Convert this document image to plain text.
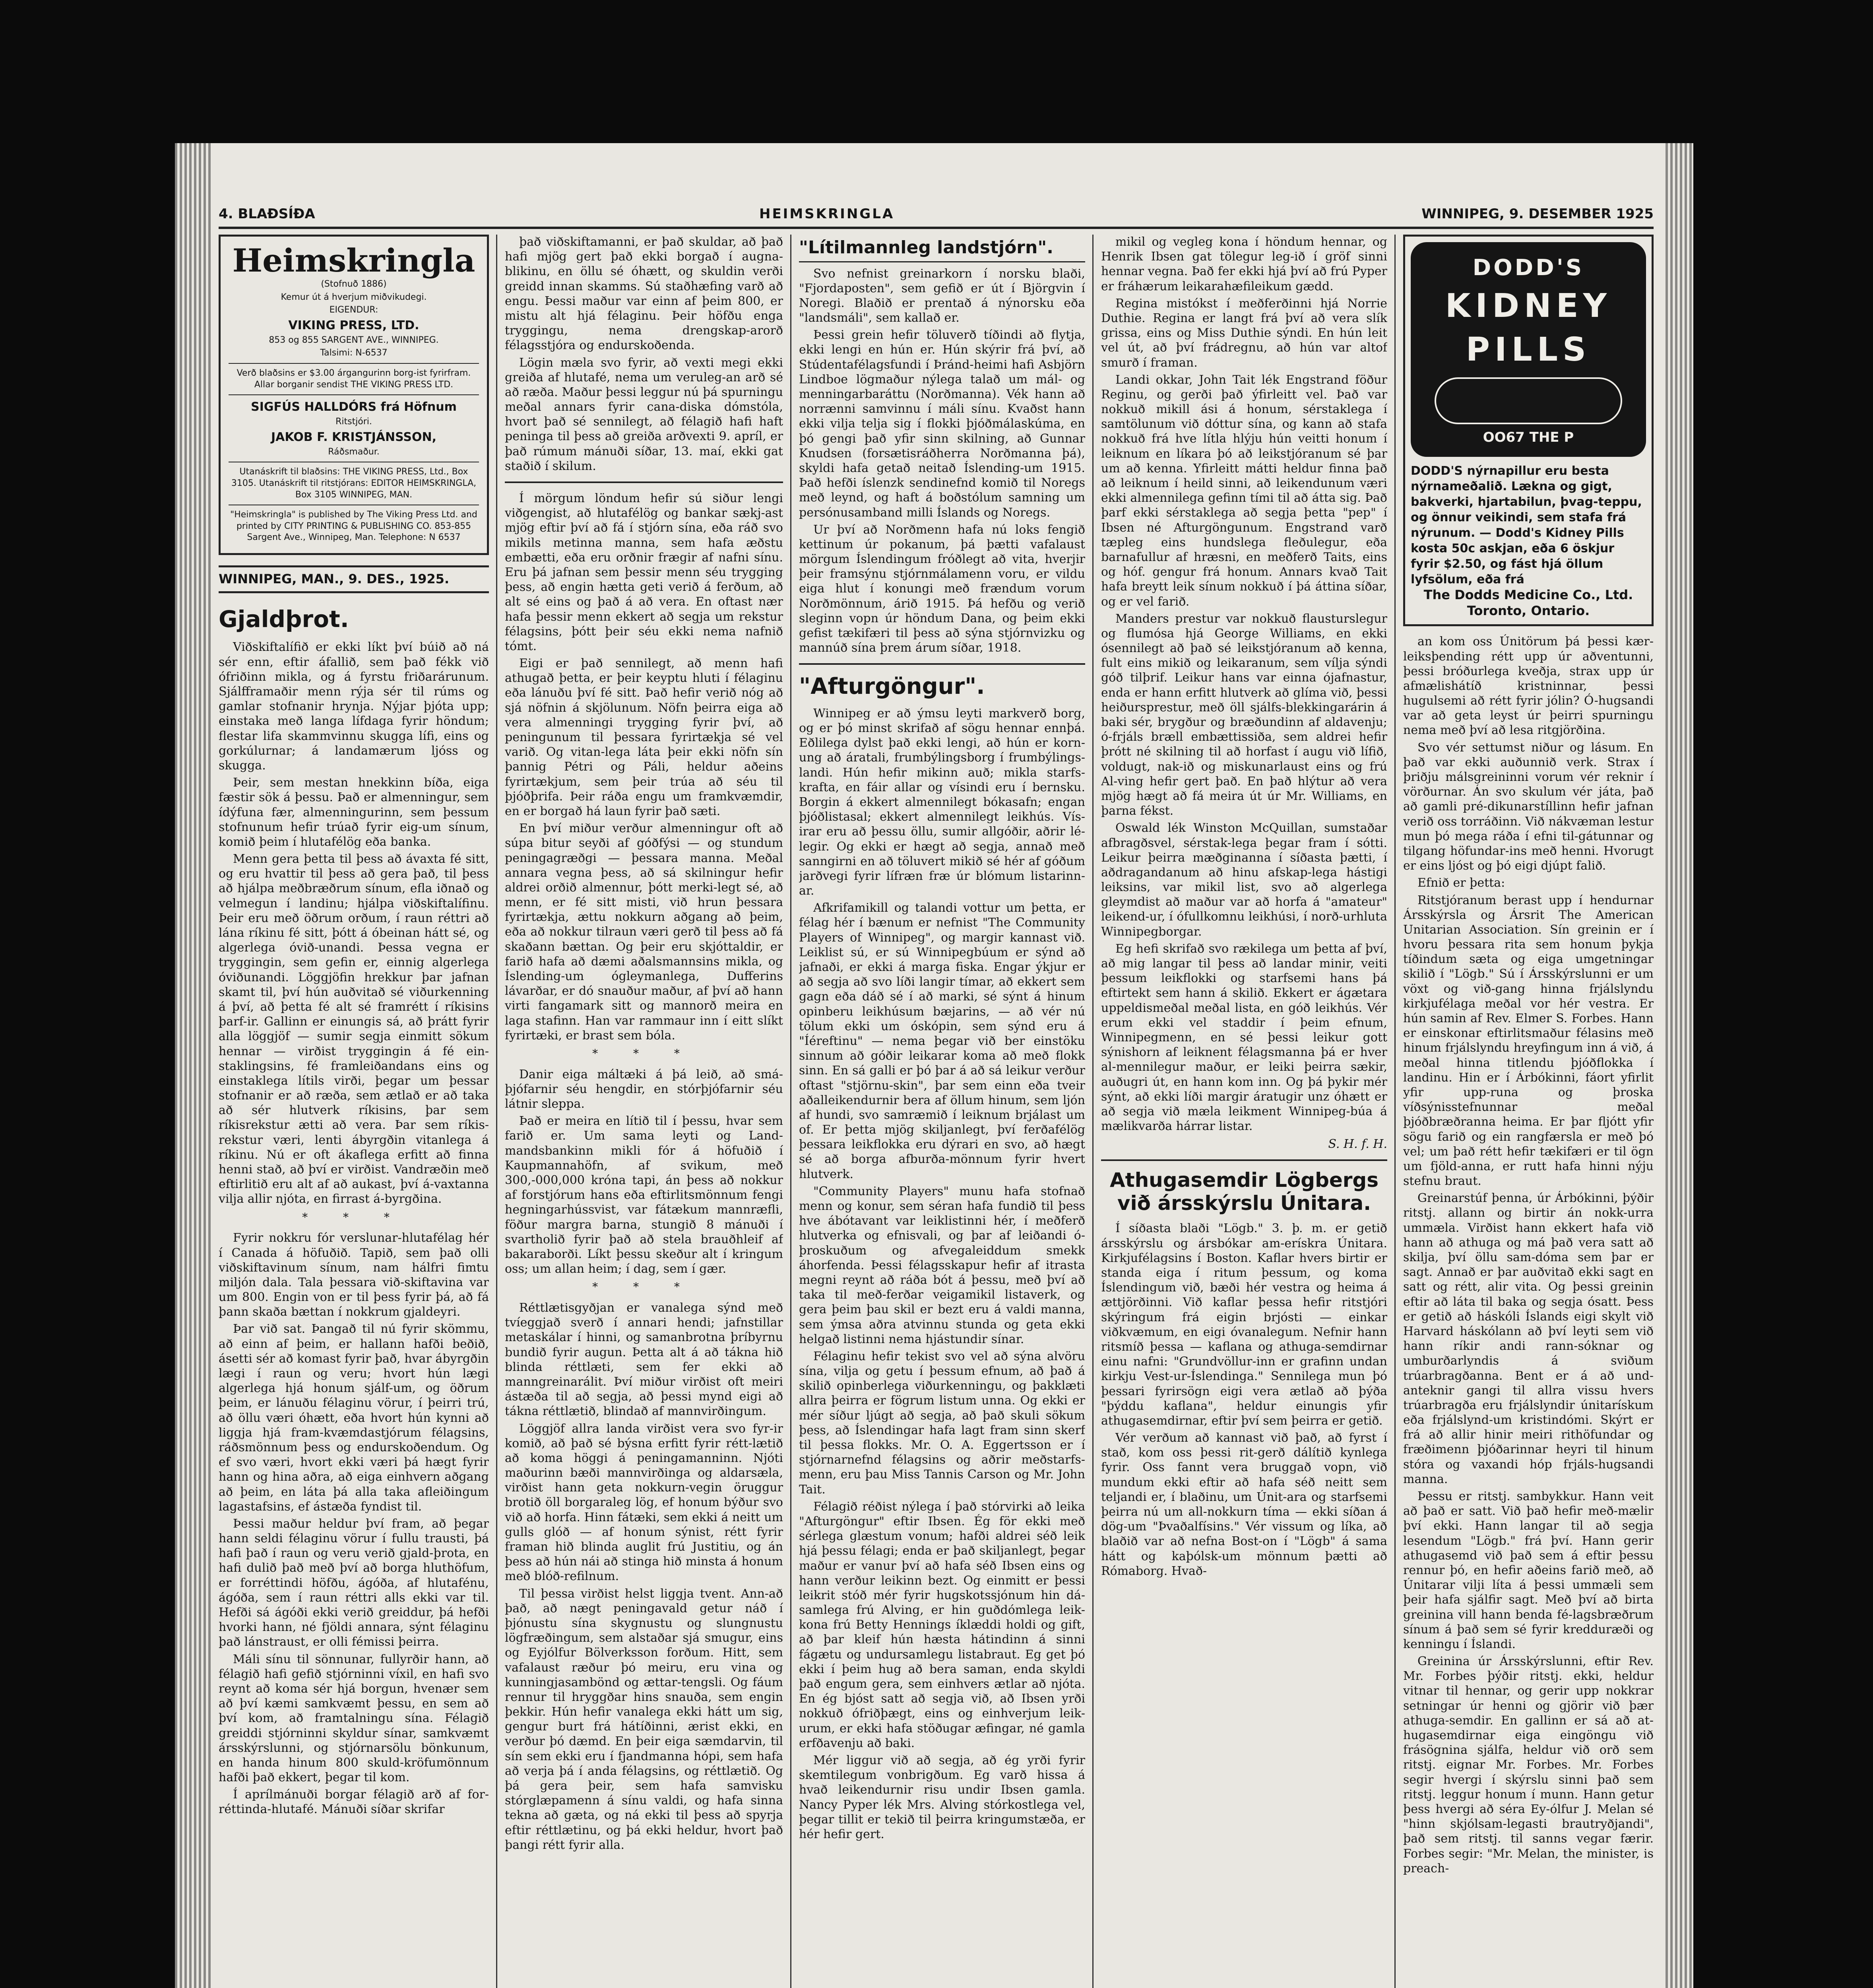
4. BLAÐSÍÐA	HEIMSKRINGLA	WINNIPEG, 9. DESEMBER 1925
Heimskringla
(Stofnuð 1886)
Kemur út á hverjum miðvikudegi.
EIGENDUR:
VIKING PRESS, LTD.
853 og 855 SARGENT AVE., WINNIPEG.
Talsimi: N-6537
Verð blaðsins er $3.00 árgangurinn borg-ist fyrirfram. Allar borganir sendist THE VIKING PRESS LTD.
SIGFÚS HALLDÓRS frá Höfnum
Ritstjóri.
JAKOB F. KRISTJÁNSSON,
Ráðsmaður.
Utanáskrift til blaðsins: THE VIKING PRESS, Ltd., Box 3105. Utanáskrift til ritstjórans: EDITOR HEIMSKRINGLA, Box 3105 WINNIPEG, MAN.
"Heimskringla" is published by The Viking Press Ltd. and printed by CITY PRINTING & PUBLISHING CO. 853-855 Sargent Ave., Winnipeg, Man. Telephone: N 6537
WINNIPEG, MAN., 9. DES., 1925.
Gjaldþrot.

Viðskiftalífið er ekki líkt því búið að ná sér enn, eftir áfallið, sem það fékk við ófriðinn mikla, og á fyrstu friðarárunum. Sjálfframaðir menn rýja sér til rúms og gamlar stofnanir hrynja. Nýjar þjóta upp; einstaka með langa lífdaga fyrir höndum; flestar lifa skammvinnu skugga lífi, eins og gorkúlurnar; á landamærum ljóss og skugga.

Þeir, sem mestan hnekkinn bíða, eiga fæstir sök á þessu. Það er almenningur, sem ídýfuna fær, almenningurinn, sem þessum stofnunum hefir trúað fyrir eig-um sínum, komið þeim í hlutafélög eða banka.

Menn gera þetta til þess að ávaxta fé sitt, og eru hvattir til þess að gera það, til þess að hjálpa meðbræðrum sínum, efla iðnað og velmegun í landinu; hjálpa viðskiftalífinu. Þeir eru með öðrum orðum, í raun réttri að lána ríkinu fé sitt, þótt á óbeinan hátt sé, og algerlega óvið-unandi. Þessa vegna er tryggingin, sem gefin er, einnig algerlega óviðunandi. Löggjöfin hrekkur þar jafnan skamt til, því hún auðvitað sé viðurkenning á því, að þetta fé alt sé framrétt í ríkisins þarf-ir. Gallinn er einungis sá, að þrátt fyrir alla löggjöf — sumir segja einmitt sökum hennar — virðist tryggingin á fé ein-staklingsins, fé framleiðandans eins og einstaklega lítils virði, þegar um þessar stofnanir er að ræða, sem ætlað er að taka að sér hlutverk ríkisins, þar sem ríkisrekstur ætti að vera. Þar sem ríkis-rekstur væri, lenti ábyrgðin vitanlega á ríkinu. Nú er oft ákaflega erfitt að finna henni stað, að því er virðist. Vandræðin með eftirlitið eru alt af að aukast, því á-vaxtanna vilja allir njóta, en firrast á-byrgðina.

* * *

Fyrir nokkru fór verslunar-hlutafélag hér í Canada á höfuðið. Tapið, sem það olli viðskiftavinum sínum, nam hálfri fimtu miljón dala. Tala þessara við-skiftavina var um 800. Engin von er til þess fyrir þá, að fá þann skaða bættan í nokkrum gjaldeyri.

Þar við sat. Þangað til nú fyrir skömmu, að einn af þeim, er hallann hafði beðið, ásetti sér að komast fyrir það, hvar ábyrgðin lægi í raun og veru; hvort hún lægi algerlega hjá honum sjálf-um, og öðrum þeim, er lánuðu félaginu vörur, í þeirri trú, að öllu væri óhætt, eða hvort hún kynni að liggja hjá fram-kvæmdastjórum félagsins, ráðsmönnum þess og endurskoðendum. Og ef svo væri, hvort ekki væri þá hægt fyrir hann og hina aðra, að eiga einhvern aðgang að þeim, en láta þá alla taka afleiðingum lagastafsins, ef ástæða fyndist til.

Þessi maður heldur því fram, að þegar hann seldi félaginu vörur í fullu trausti, þá hafi það í raun og veru verið gjald-þrota, en hafi dulið það með því að borga hluthöfum, er forréttindi höfðu, ágóða, af hlutafénu, ágóða, sem í raun réttri alls ekki var til. Hefði sá ágóði ekki verið greiddur, þá hefði hvorki hann, né fjöldi annara, sýnt félaginu það lánstraust, er olli fémissi þeirra.

Máli sínu til sönnunar, fullyrðir hann, að félagið hafi gefið stjórninni víxil, en hafi svo reynt að koma sér hjá borgun, hvenær sem að því kæmi samkvæmt þessu, en sem að því kom, að framtalningu sína. Félagið greiddi stjórninni skyldur sínar, samkvæmt ársskýrslunni, og stjórnarsölu bönkunum, en handa hinum 800 skuld-kröfumönnum hafði það ekkert, þegar til kom.

Í aprílmánuði borgar félagið arð af for-réttinda-hlutafé. Mánuði síðar skrifar

það viðskiftamanni, er það skuldar, að það hafi mjög gert það ekki borgað í augna-blikinu, en öllu sé óhætt, og skuldin verði greidd innan skamms. Sú staðhæfing varð að engu. Þessi maður var einn af þeim 800, er mistu alt hjá félaginu. Þeir höfðu enga tryggingu, nema drengskap-arorð félagsstjóra og endurskoðenda.

Lögin mæla svo fyrir, að vexti megi ekki greiða af hlutafé, nema um veruleg-an arð sé að ræða. Maður þessi leggur nú þá spurningu meðal annars fyrir cana-diska dómstóla, hvort það sé sennilegt, að félagið hafi haft peninga til þess að greiða arðvexti 9. apríl, er það rúmum mánuði síðar, 13. maí, ekki gat staðið í skilum.

Í mörgum löndum hefir sú siður lengi viðgengist, að hlutafélög og bankar sækj-ast mjög eftir því að fá í stjórn sína, eða ráð svo mikils metinna manna, sem hafa æðstu embætti, eða eru orðnir frægir af nafni sínu. Eru þá jafnan sem þessir menn séu trygging þess, að engin hætta geti verið á ferðum, að alt sé eins og það á að vera. En oftast nær hafa þessir menn ekkert að segja um rekstur félagsins, þótt þeir séu ekki nema nafnið tómt.

Eigi er það sennilegt, að menn hafi athugað þetta, er þeir keyptu hluti í félaginu eða lánuðu því fé sitt. Það hefir verið nóg að sjá nöfnin á skjölunum. Nöfn þeirra eiga að vera almenningi trygging fyrir því, að peningunum til þessara fyrirtækja sé vel varið. Og vitan-lega láta þeir ekki nöfn sín þannig Pétri og Páli, heldur aðeins fyrirtækjum, sem þeir trúa að séu til þjóðþrifa. Þeir ráða engu um framkvæmdir, en er borgað há laun fyrir það sæti.

En því miður verður almenningur oft að súpa bitur seyði af góðfýsi — og stundum peningagræðgi — þessara manna. Meðal annara vegna þess, að sá skilningur hefir aldrei orðið almennur, þótt merki-legt sé, að menn, er fé sitt misti, við hrun þessara fyrirtækja, ættu nokkurn aðgang að þeim, eða að nokkur tilraun væri gerð til þess að fá skaðann bættan. Og þeir eru skjóttaldir, er farið hafa að dæmi aðalsmannsins mikla, og Íslending-um ógleymanlega, Dufferins lávarðar, er dó snauður maður, af því að hann virti fangamark sitt og mannorð meira en laga stafinn. Han var rammaur inn í eitt slíkt fyrirtæki, er brast sem bóla.

* * *

Danir eiga máltæki á þá leið, að smá-þjófarnir séu hengdir, en stórþjófarnir séu látnir sleppa.

Það er meira en lítið til í þessu, hvar sem farið er. Um sama leyti og Land-mandsbankinn mikli fór á höfuðið í Kaupmannahöfn, af svikum, með 300,-000,000 króna tapi, án þess að nokkur af forstjórum hans eða eftirlitsmönnum fengi hegningarhússvist, var fátækum mannræfli, föður margra barna, stungið 8 mánuði í svartholið fyrir það að stela brauðhleif af bakaraborði. Líkt þessu skeður alt í kringum oss; um allan heim; í dag, sem í gær.

* * *

Réttlætisgyðjan er vanalega sýnd með tvíeggjað sverð í annari hendi; jafnstillar metaskálar í hinni, og samanbrotna þríbyrnu bundið fyrir augun. Þetta alt á að tákna hið blinda réttlæti, sem fer ekki að manngreinarálit. Því miður virðist oft meiri ástæða til að segja, að þessi mynd eigi að tákna réttlætið, blindað af mannvirðingum.

Löggjöf allra landa virðist vera svo fyr-ir komið, að það sé býsna erfitt fyrir rétt-lætið að koma höggi á peningamanninn. Njóti maðurinn bæði mannvirðinga og aldarsæla, virðist hann geta nokkurn-vegin öruggur brotið öll borgaraleg lög, ef honum býður svo við að horfa. Hinn fátæki, sem ekki á neitt um gulls glóð — af honum sýnist, rétt fyrir framan hið blinda auglit frú Justitiu, og án þess að hún nái að stinga hið minsta á honum með blóð-refilnum.

Til þessa virðist helst liggja tvent. Ann-að það, að nægt peningavald getur náð í þjónustu sína skygnustu og slungnustu lögfræðingum, sem alstaðar sjá smugur, eins og Eyjólfur Bölverksson forðum. Hitt, sem vafalaust ræður þó meiru, eru vina og kunningjasambönd og ættar-tengsli. Og fáum rennur til hryggðar hins snauða, sem engin þekkir. Hún hefir vanalega ekki hátt um sig, gengur burt frá hátíðinni, ærist ekki, en verður þó dæmd. En þeir eiga sæmdarvin, til sín sem ekki eru í fjandmanna hópi, sem hafa að verja þá í anda félagsins, og réttlætið. Og þá gera þeir, sem hafa samvisku stórglæpamenn á sínu valdi, og hafa sinna tekna að gæta, og ná ekki til þess að spyrja eftir réttlætinu, og þá ekki heldur, hvort það þangi rétt fyrir alla.

"Lítilmannleg landstjórn".

Svo nefnist greinarkorn í norsku blaði, "Fjordaposten", sem gefið er út í Björgvin í Noregi. Blaðið er prentað á nýnorsku eða "landsmáli", sem kallað er.

Þessi grein hefir töluverð tíðindi að flytja, ekki lengi en hún er. Hún skýrir frá því, að Stúdentafélagsfundi í Þránd-heimi hafi Asbjörn Lindboe lögmaður nýlega talað um mál- og menningarbaráttu (Norðmanna). Vék hann að norrænni samvinnu í máli sínu. Kvaðst hann ekki vilja telja sig í flokki þjóðmálaskúma, en þó gengi það yfir sinn skilning, að Gunnar Knudsen (forsætisráðherra Norðmanna þá), skyldi hafa getað neitað Íslending-um 1915. Það hefði íslenzk sendinefnd komið til Noregs með leynd, og haft á boðstólum samning um persónusamband milli Íslands og Noregs.

Ur því að Norðmenn hafa nú loks fengið kettinum úr pokanum, þá þætti vafalaust mörgum Íslendingum fróðlegt að vita, hverjir þeir framsýnu stjórnmálamenn voru, er vildu eiga hlut í konungi með frændum vorum Norðmönnum, árið 1915. Þá hefðu og verið sleginn vopn úr höndum Dana, og þeim ekki gefist tækifæri til þess að sýna stjórnvizku og mannúð sína þrem árum síðar, 1918.

"Afturgöngur".

Winnipeg er að ýmsu leyti markverð borg, og er þó minst skrifað af sögu hennar ennþá. Eðlilega dylst það ekki lengi, að hún er korn-ung að áratali, frumbýlingsborg í frumbýlings-landi. Hún hefir mikinn auð; mikla starfs-krafta, en fáir allar og vísindi eru í bernsku. Borgin á ekkert almennilegt bókasafn; engan þjóðlistasal; ekkert almennilegt leikhús. Vís-irar eru að þessu öllu, sumir allgóðir, aðrir lé-legir. Og ekki er hægt að segja, annað með sanngirni en að töluvert mikið sé hér af góðum jarðvegi fyrir lífræn fræ úr blómum listarinn-ar.

Afkrifamikill og talandi vottur um þetta, er félag hér í bænum er nefnist "The Community Players of Winnipeg", og margir kannast við. Leiklist sú, er sú Winnipegbúum er sýnd að jafnaði, er ekki á marga fiska. Engar ýkjur er að segja að svo líði langir tímar, að ekkert sem gagn eða dáð sé í að marki, sé sýnt á hinum opinberu leikhúsum bæjarins, — að vér nú tölum ekki um óskópin, sem sýnd eru á "Íéreftinu" — nema þegar við ber einstöku sinnum að góðir leikarar koma að með flokk sinn. En sá galli er þó þar á að sá leikur verður oftast "stjörnu-skin", þar sem einn eða tveir aðalleikendurnir bera af öllum hinum, sem ljón af hundi, svo samræmið í leiknum brjálast um of. Er þetta mjög skiljanlegt, því ferðafélög þessara leikflokka eru dýrari en svo, að hægt sé að borga afburða-mönnum fyrir hvert hlutverk.

"Community Players" munu hafa stofnað menn og konur, sem séran hafa fundið til þess hve ábótavant var leiklistinni hér, í meðferð hlutverka og efnisvali, og þar af leiðandi ó-þroskuðum og afvegaleiddum smekk áhorfenda. Þessi félagsskapur hefir af itrasta megni reynt að ráða bót á þessu, með því að taka til með-ferðar veigamikil listaverk, og gera þeim þau skil er bezt eru á valdi manna, sem ýmsa aðra atvinnu stunda og geta ekki helgað listinni nema hjástundir sínar.

Félaginu hefir tekist svo vel að sýna alvöru sína, vilja og getu í þessum efnum, að það á skilið opinberlega viðurkenningu, og þakklæti allra þeirra er fögrum listum unna. Og ekki er mér síður ljúgt að segja, að það skuli sökum þess, að Íslendingar hafa lagt fram sinn skerf til þessa flokks. Mr. O. A. Eggertsson er í stjórnarnefnd félagsins og aðrir meðstarfs-menn, eru þau Miss Tannis Carson og Mr. John Tait.

Félagið réðist nýlega í það stórvirki að leika "Afturgöngur" eftir Ibsen. Ég för ekki með sérlega glæstum vonum; hafði aldrei séð leik hjá þessu félagi; enda er það skiljanlegt, þegar maður er vanur því að hafa séð Ibsen eins og hann verður leikinn bezt. Og einmitt er þessi leikrit stóð mér fyrir hugskotssjónum hin dá-samlega frú Alving, er hin guðdómlega leik-kona frú Betty Hennings íklæddi holdi og gift, að þar kleif hún hæsta hátindinn á sinni fágætu og undursamlegu listabraut. Eg get þó ekki í þeim hug að bera saman, enda skyldi það engum gera, sem einhvers ætlar að njóta. En ég bjóst satt að segja við, að Ibsen yrði nokkuð ófriðþægt, eins og einhverjum leik-urum, er ekki hafa stöðugar æfingar, né gamla erfðavenju að baki.

Mér liggur við að segja, að ég yrði fyrir skemtilegum vonbrigðum. Eg varð hissa á hvað leikendurnir risu undir Ibsen gamla. Nancy Pyper lék Mrs. Alving stórkostlega vel, þegar tillit er tekið til þeirra kringumstæða, er hér hefir gert.

mikil og vegleg kona í höndum hennar, og Henrik Ibsen gat tölegur leg-ið í gröf sinni hennar vegna. Það fer ekki hjá því að frú Pyper er fráhærum leikarahæfileikum gædd.

Regina mistókst í meðferðinni hjá Norrie Duthie. Regina er langt frá því að vera slík grissa, eins og Miss Duthie sýndi. En hún leit vel út, að því frádregnu, að hún var altof smurð í framan.

Landi okkar, John Tait lék Engstrand föður Reginu, og gerði það ýfirleitt vel. Það var nokkuð mikill ási á honum, sérstaklega í samtölunum við dóttur sína, og kann að stafa nokkuð frá hve lítla hlýju hún veitti honum í leiknum en líkara þó að leikstjóranum sé þar um að kenna. Yfirleitt mátti heldur finna það að leiknum í heild sinni, að leikendunum væri ekki almennilega gefinn tími til að átta sig. Það þarf ekki sérstaklega að segja þetta "pep" í Ibsen né Afturgöngunum. Engstrand varð tæpleg eins hundslega fleðulegur, eða barnafullur af hræsni, en meðferð Taits, eins og hóf. gengur frá honum. Annars kvað Tait hafa breytt leik sínum nokkuð í þá áttina síðar, og er vel farið.

Manders prestur var nokkuð flausturslegur og flumósa hjá George Williams, en ekki ósennilegt að það sé leikstjóranum að kenna, fult eins mikið og leikaranum, sem vílja sýndi góð tilþrif. Leikur hans var einna ójafnastur, enda er hann erfitt hlutverk að glíma við, þessi heiðursprestur, með öll sjálfs-blekkingarárin á baki sér, brygður og bræðundinn af aldavenju; ó-frjáls bræll embættissiða, sem aldrei hefir þrótt né skilning til að horfast í augu við lífið, voldugt, nak-ið og miskunarlaust eins og frú Al-ving hefir gert það. En það hlýtur að vera mjög hægt að fá meira út úr Mr. Williams, en þarna fékst.

Oswald lék Winston McQuillan, sumstaðar afbragðsvel, sérstak-lega þegar fram í sótti. Leikur þeirra mæðginanna í síðasta þætti, í aðdragandanum að hinu afskap-lega hástigi leiksins, var mikil list, svo að algerlega gleymdist að maður var að horfa á "amateur" leikend-ur, í ófullkomnu leikhúsi, í norð-urhluta Winnipegborgar.

Eg hefi skrifað svo rækilega um þetta af því, að mig langar til þess að landar minir, veiti þessum leikflokki og starfsemi hans þá eftirtekt sem hann á skilið. Ekkert er ágætara uppeldismeðal meðal lista, en góð leikhús. Vér erum ekki vel staddir í þeim efnum, Winnipegmenn, en sé þessi leikur gott sýnishorn af leiknent félagsmanna þá er hver al-mennilegur maður, er leiki þeirra sækir, auðugri út, en hann kom inn. Og þá þykir mér sýnt, að ekki líði margir áratugir unz óhætt er að segja við mæla leikment Winnipeg-búa á mælikvarða hárrar listar.

S. H. f. H.
Athugasemdir Lögbergs við ársskýrslu Únitara.

Í síðasta blaði "Lögb." 3. þ. m. er getið ársskýrslu og ársbókar am-erískra Únitara. Kirkjufélagsins í Boston. Kaflar hvers birtir er standa eiga í ritum þessum, og koma Íslendingum við, bæði hér vestra og heima á ættjörðinni. Við kaflar þessa hefir ritstjóri skýringum frá eigin brjósti — einkar viðkvæmum, en eigi óvanalegum. Nefnir hann ritsmíð þessa — kaflana og athuga-semdirnar einu nafni: "Grundvöllur-inn er grafinn undan kirkju Vest-ur-Íslendinga." Sennilega mun þó þessari fyrirsögn eigi vera ætlað að þýða "þýddu kaflana", heldur einungis yfir athugasemdirnar, eftir því sem þeirra er getið.

Vér verðum að kannast við það, að fyrst í stað, kom oss þessi rit-gerð dálítið kynlega fyrir. Oss fannt vera bruggað vopn, við mundum ekki eftir að hafa séð neitt sem teljandi er, í blaðinu, um Únit-ara og starfsemi þeirra nú um all-nokkurn tíma — ekki síðan á dög-um "Þvaðalfísins." Vér vissum og líka, að blaðið var að nefna Bost-on í "Lögb" á sama hátt og kaþólsk-um mönnum þætti að Rómaborg. Hvað-

DODD'S
KIDNEY
PILLS
OO67 THE P
DODD'S nýrnapillur eru besta nýrnameðalið. Lækna og gigt, bakverki, hjartabilun, þvag-teppu, og önnur veikindi, sem stafa frá nýrunum. — Dodd's Kidney Pills kosta 50c askjan, eða 6 öskjur fyrir $2.50, og fást hjá öllum lyfsölum, eða frá
The Dodds Medicine Co., Ltd.
Toronto, Ontario.

an kom oss Únitörum þá þessi kær-leiksþending rétt upp úr aðventunni, þessi bróðurlega kveðja, strax upp úr afmælishátíð kristninnar, þessi hugulsemi að rétt fyrir jólin? Ó-hugsandi var að geta leyst úr þeirri spurningu nema með því að lesa ritgjörðina.

Svo vér settumst niður og lásum. En það var ekki auðunnið verk. Strax í þriðju málsgreininni vorum vér reknir í vörðurnar. Án svo skulum vér játa, það að gamli pré-dikunarstíllinn hefir jafnan verið oss torráðinn. Við nákvæman lestur mun þó mega ráða í efni til-gátunnar og tilgang höfundar-ins með henni. Hvorugt er eins ljóst og þó eigi djúpt falið.

Efnið er þetta:

Ritstjóranum berast upp í hendurnar Ársskýrsla og Ársrit The American Unitarian Association. Sín greinin er í hvoru þessara rita sem honum þykja tíðindum sæta og eiga umgetningar skilið í "Lögb." Sú í Ársskýrslunni er um vöxt og við-gang hinna frjálslyndu kirkjufélaga meðal vor hér vestra. Er hún samin af Rev. Elmer S. Forbes. Hann er einskonar eftirlitsmaður félasins með hinum frjálslyndu hreyfingum inn á við, á meðal hinna titlendu þjóðflokka í landinu. Hin er í Árbókinni, fáort yfirlit yfir upp-runa og þroska víðsýnisstefnunnar meðal þjóðbræðranna heima. Er þar fljótt yfir sögu farið og ein rangfærsla er með þó vel; um það rétt hefir tækifæri er til ögn um fjöld-anna, er rutt hafa hinni nýju stefnu braut.

Greinarstúf þenna, úr Árbókinni, þýðir ritstj. allann og birtir án nokk-urra ummæla. Virðist hann ekkert hafa við hann að athuga og má það vera satt að skilja, því öllu sam-dóma sem þar er sagt. Annað er þar auðvitað ekki sagt en satt og rétt, alir vita. Og þessi greinin eftir að láta til baka og segja ósatt. Þess er getið að háskóli Íslands eigi skylt við Harvard háskólann að því leyti sem við hann ríkir andi rann-sóknar og umburðarlyndis á sviðum trúarbragðanna. Bent er á að und-anteknir gangi til allra vissu hvers trúarbragða eru frjálslyndir únitarískum eða frjálslynd-um kristindómi. Skýrt er frá að allir hinir meiri rithöfundar og fræðimenn þjóðarinnar heyri til hinum stóra og vaxandi hóp frjáls-hugsandi manna.

Þessu er ritstj. sambykkur. Hann veit að það er satt. Við það hefir með-mælir því ekki. Hann langar til að segja lesendum "Lögb." frá því. Hann gerir athugasemd við það sem á eftir þessu rennur þó, en hefir aðeins farið með, að Únitarar vilji líta á þessi ummæli sem þeir hafa sjálfir sagt. Með því að birta greinina vill hann benda fé-lagsbræðrum sínum á það sem sé fyrir kredduræði og kenningu í Íslandi.

Greinina úr Ársskýrslunni, eftir Rev. Mr. Forbes þýðir ritstj. ekki, heldur vitnar til hennar, og gerir upp nokkrar setningar úr henni og gjörir við þær athuga-semdir. En gallinn er sá að at-hugasemdirnar eiga eingöngu við frásögnina sjálfa, heldur við orð sem ritstj. eignar Mr. Forbes. Mr. Forbes segir hvergi í skýrslu sinni það sem ritstj. leggur honum í munn. Hann getur þess hvergi að séra Ey-ólfur J. Melan sé "hinn skjólsam-legasti brautryðjandi", það sem ritstj. til sanns vegar færir. Forbes segir: "Mr. Melan, the minister, is preach-
